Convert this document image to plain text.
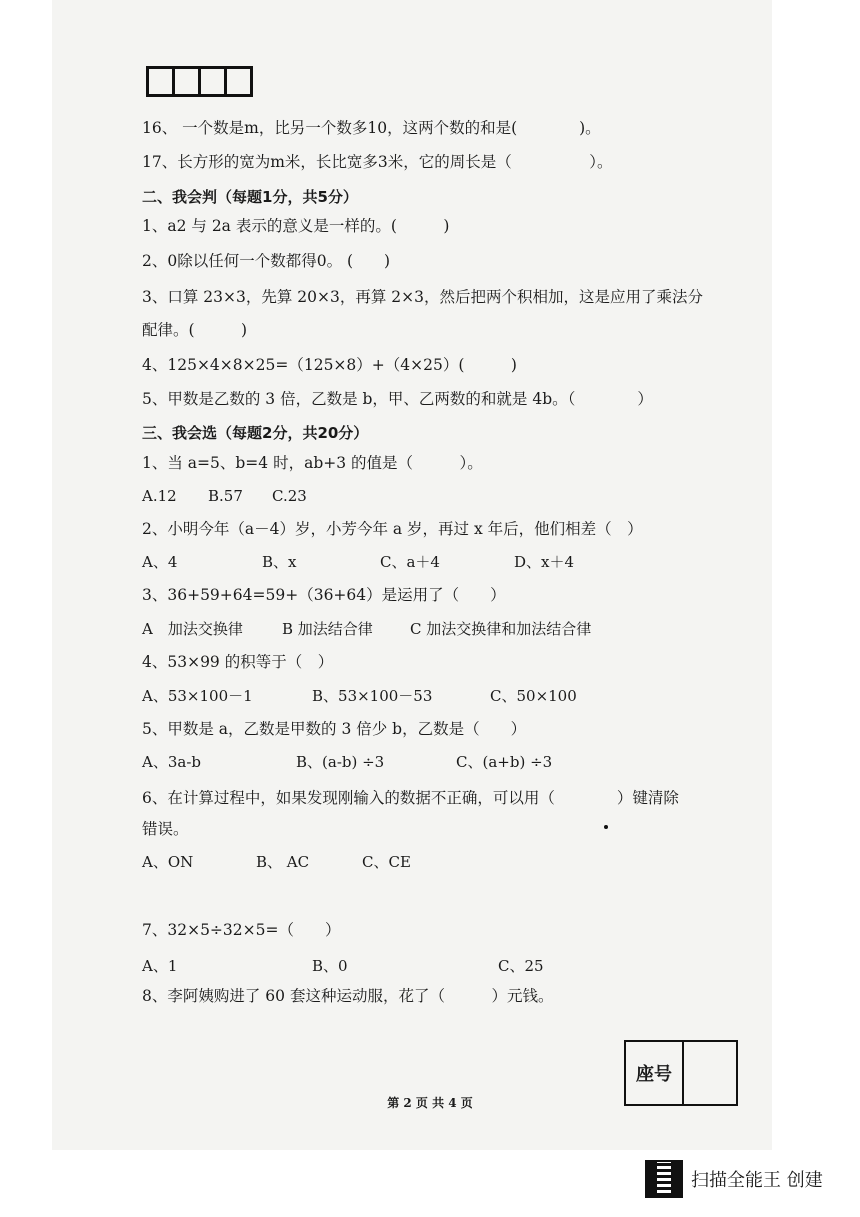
16、 一个数是m，比另一个数多10，这两个数的和是(　　　　)。
17、长方形的宽为m米，长比宽多3米，它的周长是（　　　　　）。
二、我会判（每题1分，共5分）
1、a2 与 2a 表示的意义是一样的。(　　　)
2、0除以任何一个数都得0。 (　　)
3、口算 23×3，先算 20×3，再算 2×3，然后把两个积相加，这是应用了乘法分
配律。(　　　)
4、125×4×8×25=（125×8）+（4×25）(　　　)
5、甲数是乙数的 3 倍，乙数是 b，甲、乙两数的和就是 4b。（　　　　）
三、我会选（每题2分，共20分）
1、当 a=5、b=4 时，ab+3 的值是（　　　）。
A.12 B.57 C.23
2、小明今年（a－4）岁，小芳今年 a 岁，再过 x 年后，他们相差（　）
A、4	B、x	C、a＋4	D、x＋4
3、36+59+64=59+（36+64）是运用了（　　）
A　加法交换律	B 加法结合律 C 加法交换律和加法结合律
4、53×99 的积等于（　）
A、53×100－1	B、53×100－53	C、50×100
5、甲数是 a，乙数是甲数的 3 倍少 b，乙数是（　　）
A、3a-b	B、(a-b) ÷3	C、(a+b) ÷3
6、在计算过程中，如果发现刚输入的数据不正确，可以用（　　　　）键清除
错误。
A、ON	B、 AC	C、CE
7、32×5÷32×5=（　　）
A、1	B、0	C、25
8、李阿姨购进了 60 套这种运动服，花了（　　　）元钱。
座号
第 2 页 共 4 页
扫描全能王 创建
